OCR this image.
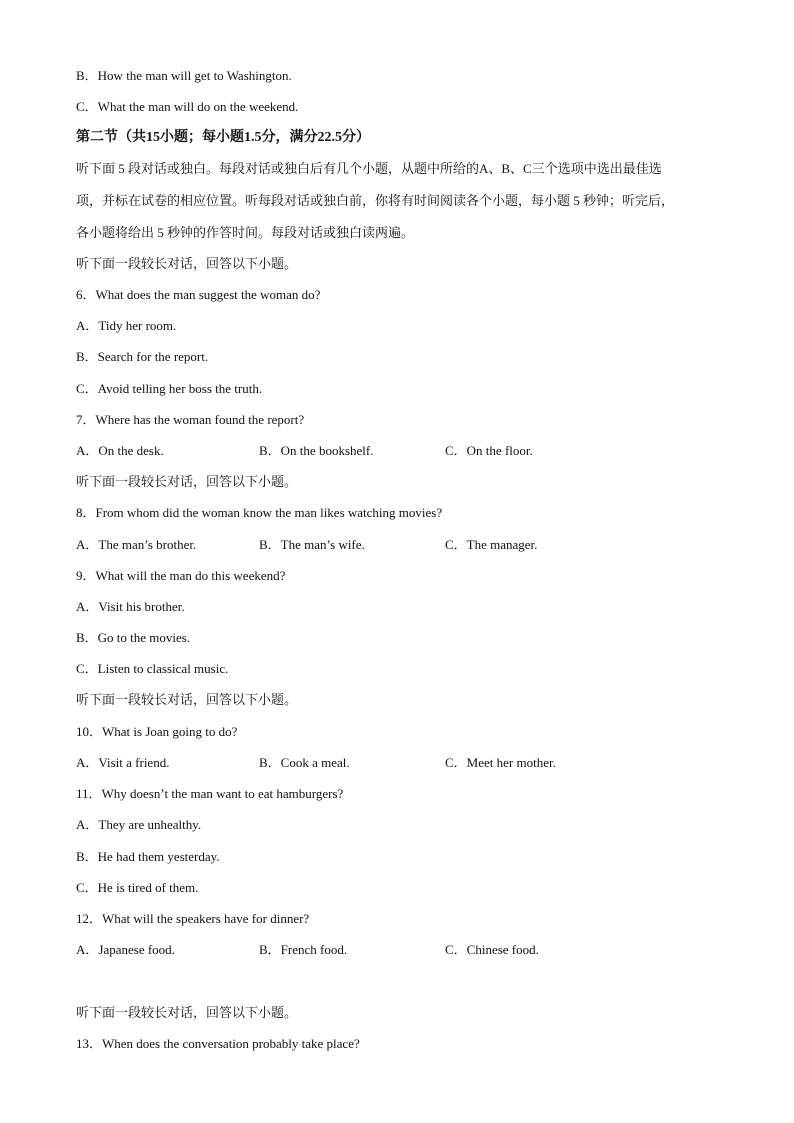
B．How the man will get to Washington.
C．What the man will do on the weekend.
第二节（共15小题；每小题1.5分，满分22.5分）
听下面 5 段对话或独白。每段对话或独白后有几个小题，从题中所给的A、B、C三个选项中选出最佳选
项，并标在试卷的相应位置。听每段对话或独白前，你将有时间阅读各个小题，每小题 5 秒钟；听完后，
各小题将给出 5 秒钟的作答时间。每段对话或独白读两遍。
听下面一段较长对话，回答以下小题。
6．What does the man suggest the woman do?
A．Tidy her room.
B．Search for the report.
C．Avoid telling her boss the truth.
7．Where has the woman found the report?
A．On the desk.	B．On the bookshelf.	C．On the floor.
听下面一段较长对话，回答以下小题。
8．From whom did the woman know the man likes watching movies?
A．The man’s brother.	B．The man’s wife.	C．The manager.
9．What will the man do this weekend?
A．Visit his brother.
B．Go to the movies.
C．Listen to classical music.
听下面一段较长对话，回答以下小题。
10．What is Joan going to do?
A．Visit a friend.	B．Cook a meal.	C．Meet her mother.
11．Why doesn’t the man want to eat hamburgers?
A．They are unhealthy.
B．He had them yesterday.
C．He is tired of them.
12．What will the speakers have for dinner?
A．Japanese food.	B．French food.	C．Chinese food.
听下面一段较长对话，回答以下小题。
13．When does the conversation probably take place?
